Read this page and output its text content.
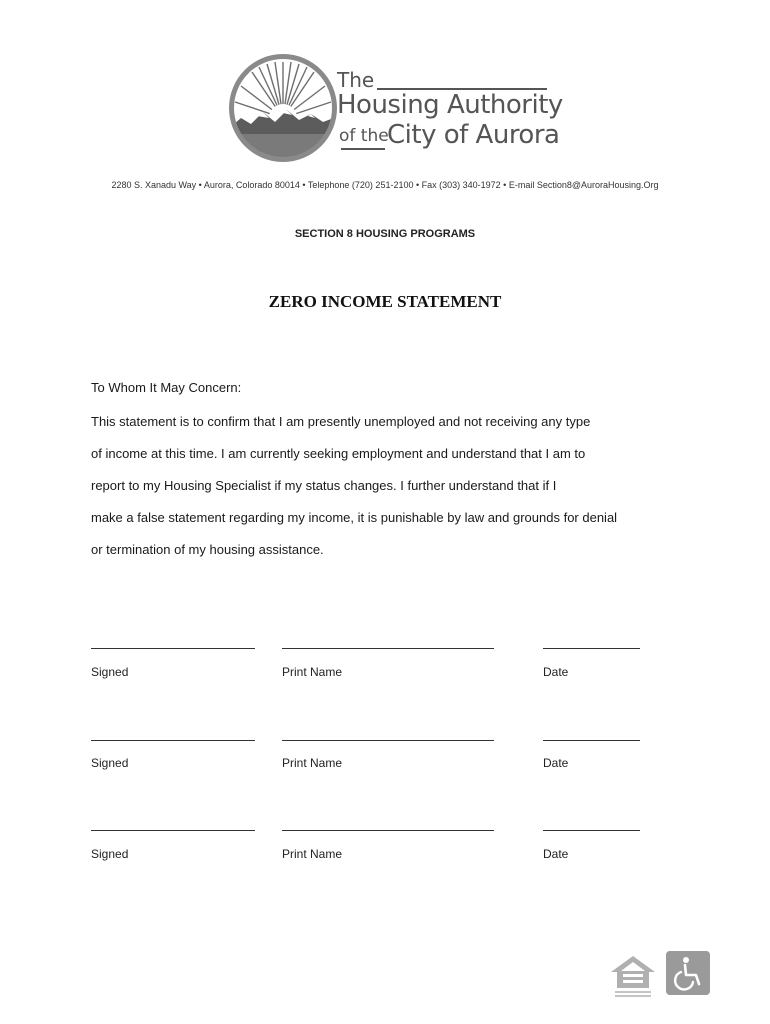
The
Housing Authority
of the
City of Aurora
2280 S. Xanadu Way • Aurora, Colorado 80014 • Telephone (720) 251-2100 • Fax (303) 340-1972 • E-mail Section8@AuroraHousing.Org
SECTION 8 HOUSING PROGRAMS
ZERO INCOME STATEMENT
To Whom It May Concern:
This statement is to confirm that I am presently unemployed and not receiving any type
of income at this time. I am currently seeking employment and understand that I am to
report to my Housing Specialist if my status changes. I further understand that if I
make a false statement regarding my income, it is punishable by law and grounds for denial
or termination of my housing assistance.
Signed	Print Name	Date
Signed	Print Name	Date
Signed	Print Name	Date
